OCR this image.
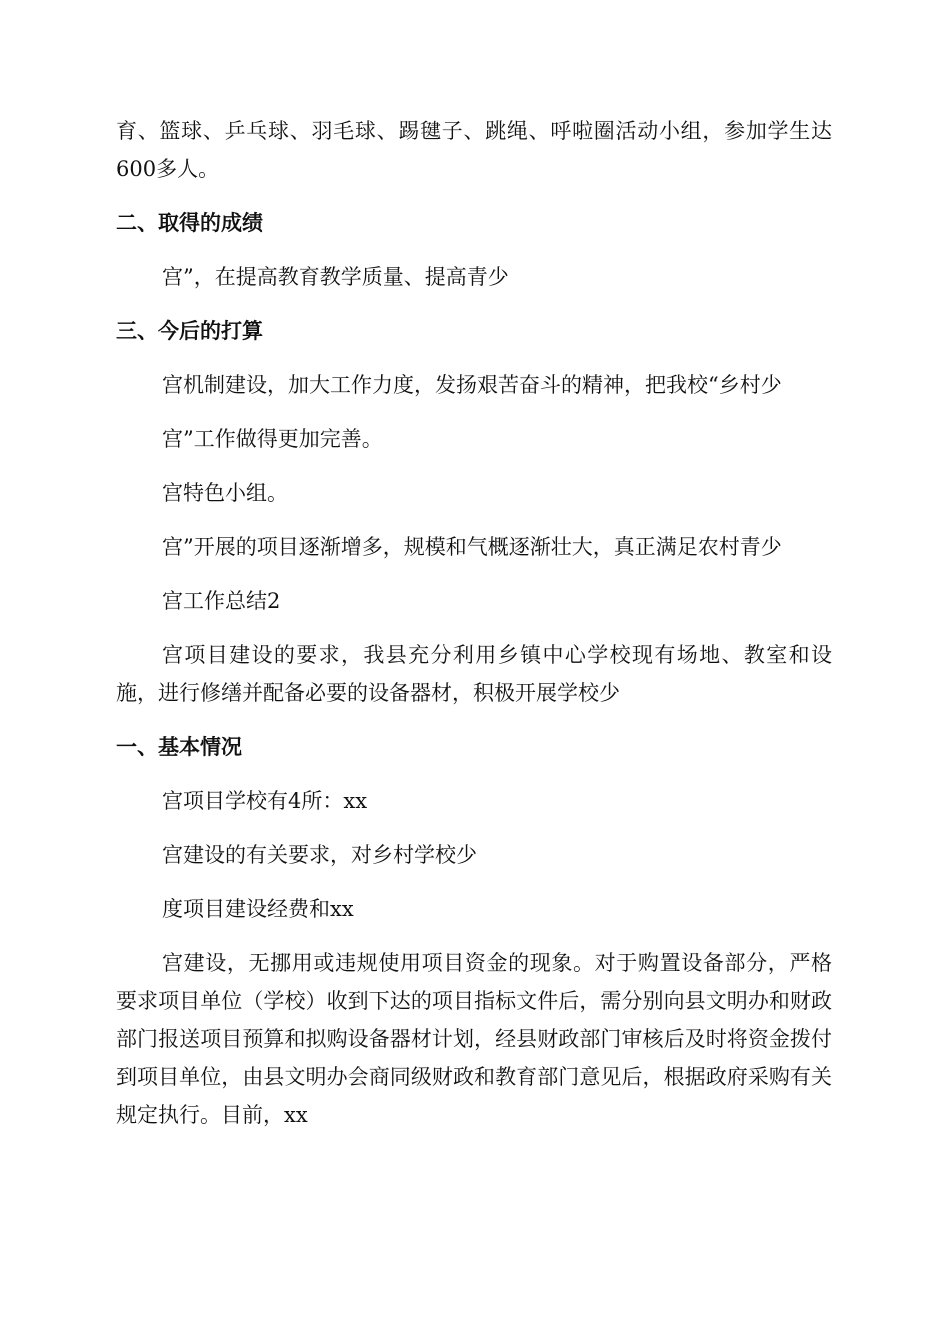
育、篮球、乒乓球、羽毛球、踢毽子、跳绳、呼啦圈活动小组，参加学生达600多人。

二、取得的成绩

宫”，在提高教育教学质量、提高青少

三、今后的打算

宫机制建设，加大工作力度，发扬艰苦奋斗的精神，把我校“乡村少

宫”工作做得更加完善。

宫特色小组。

宫”开展的项目逐渐增多，规模和气概逐渐壮大，真正满足农村青少

宫工作总结2

宫项目建设的要求，我县充分利用乡镇中心学校现有场地、教室和设施，进行修缮并配备必要的设备器材，积极开展学校少

一、基本情况

宫项目学校有4所：xx

宫建设的有关要求，对乡村学校少

度项目建设经费和xx

宫建设，无挪用或违规使用项目资金的现象。对于购置设备部分，严格要求项目单位（学校）收到下达的项目指标文件后，需分别向县文明办和财政部门报送项目预算和拟购设备器材计划，经县财政部门审核后及时将资金拨付到项目单位，由县文明办会商同级财政和教育部门意见后，根据政府采购有关规定执行。目前，xx
